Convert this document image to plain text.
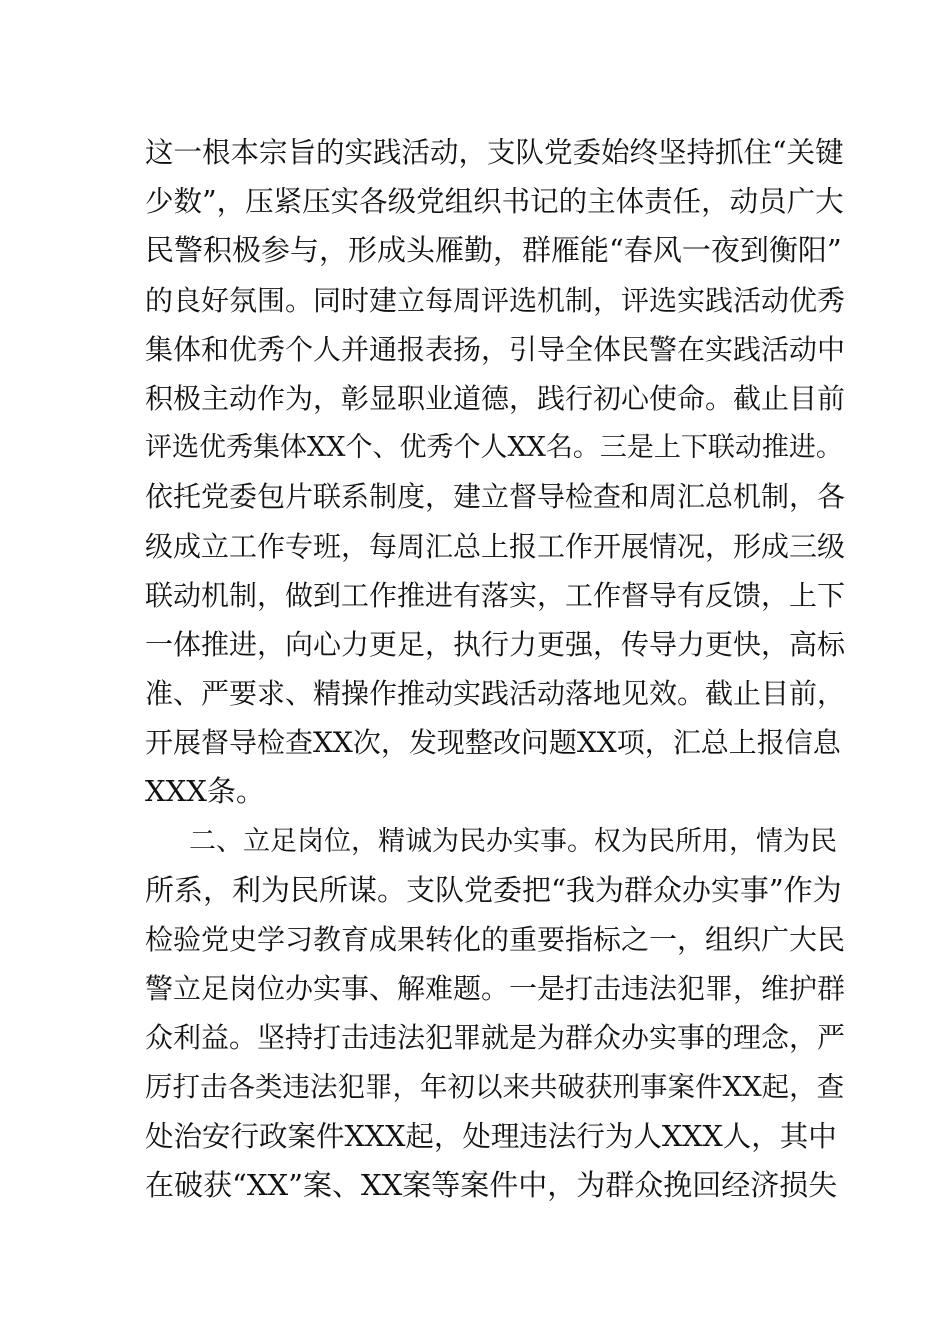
这一根本宗旨的实践活动，支队党委始终坚持抓住“关键
少数”，压紧压实各级党组织书记的主体责任，动员广大
民警积极参与，形成头雁勤，群雁能“春风一夜到衡阳”
的良好氛围。同时建立每周评选机制，评选实践活动优秀
集体和优秀个人并通报表扬，引导全体民警在实践活动中
积极主动作为，彰显职业道德，践行初心使命。截止目前
评选优秀集体XX个、优秀个人XX名。三是上下联动推进。
依托党委包片联系制度，建立督导检查和周汇总机制，各
级成立工作专班，每周汇总上报工作开展情况，形成三级
联动机制，做到工作推进有落实，工作督导有反馈，上下
一体推进，向心力更足，执行力更强，传导力更快，高标
准、严要求、精操作推动实践活动落地见效。截止目前，
开展督导检查XX次，发现整改问题XX项，汇总上报信息
XXX条。
二、立足岗位，精诚为民办实事。权为民所用，情为民
所系，利为民所谋。支队党委把“我为群众办实事”作为
检验党史学习教育成果转化的重要指标之一，组织广大民
警立足岗位办实事、解难题。一是打击违法犯罪，维护群
众利益。坚持打击违法犯罪就是为群众办实事的理念，严
厉打击各类违法犯罪，年初以来共破获刑事案件XX起，查
处治安行政案件XXX起，处理违法行为人XXX人，其中
在破获“XX”案、XX案等案件中，为群众挽回经济损失
